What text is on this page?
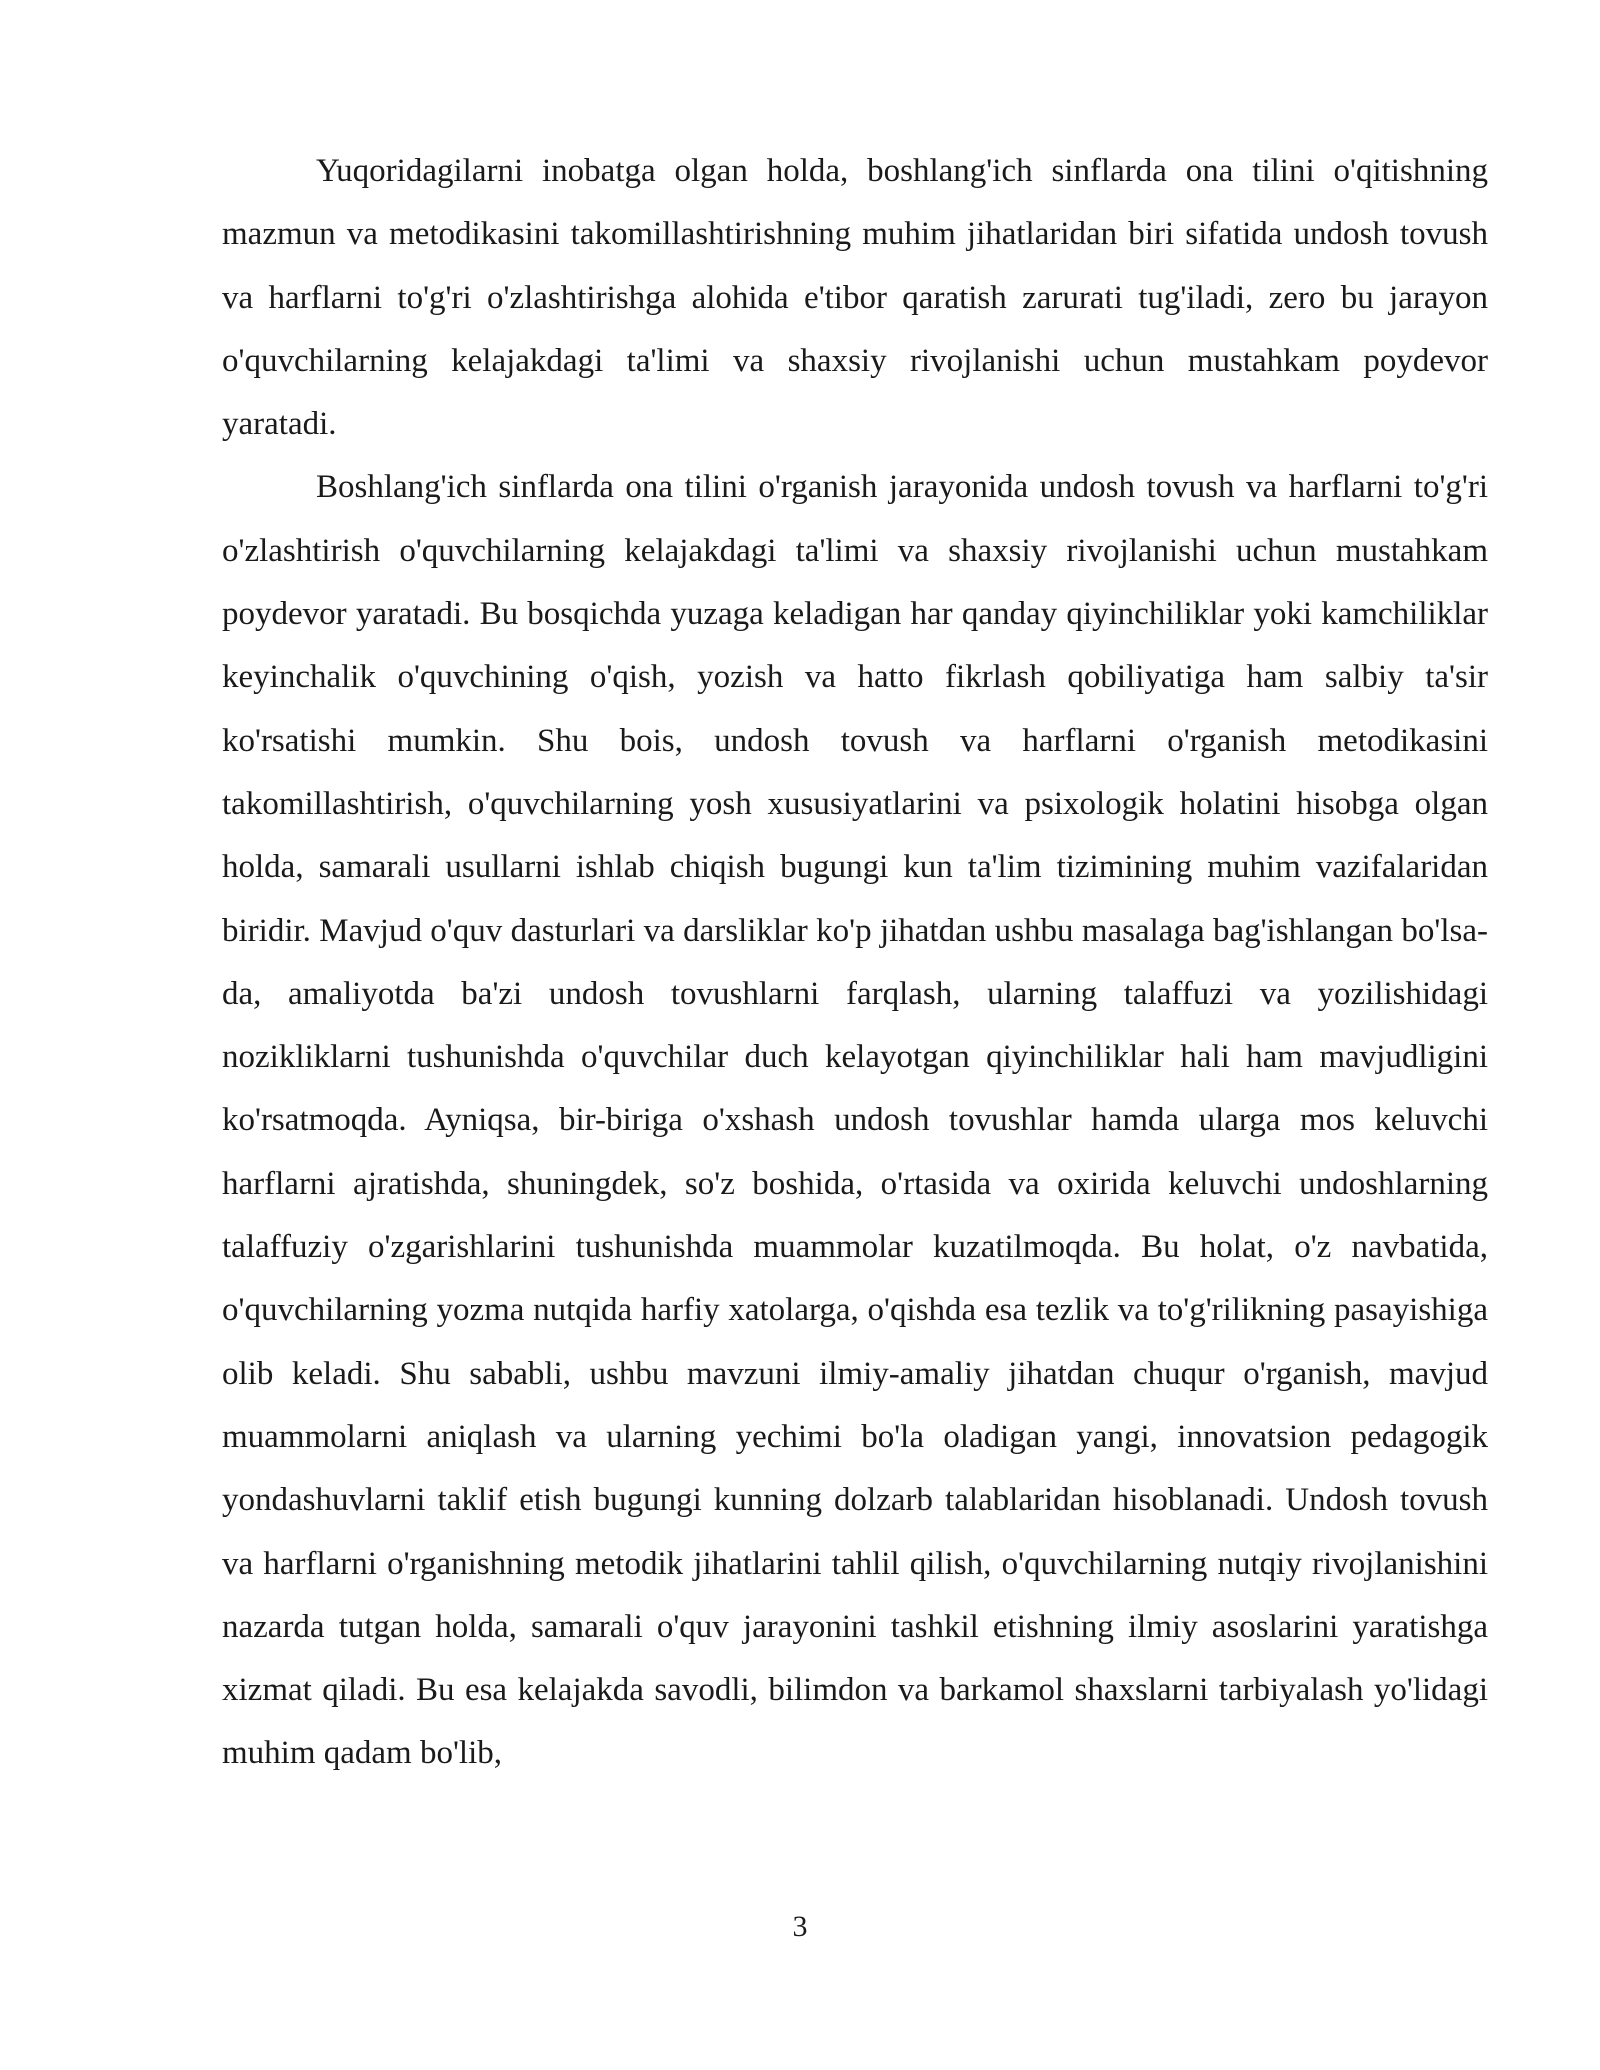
Yuqoridagilarni inobatga olgan holda, boshlang'ich sinflarda ona tilini o'qitishning mazmun va metodikasini takomillashtirishning muhim jihatlaridan biri sifatida undosh tovush va harflarni to'g'ri o'zlashtirishga alohida e'tibor qaratish zarurati tug'iladi, zero bu jarayon o'quvchilarning kelajakdagi ta'limi va shaxsiy rivojlanishi uchun mustahkam poydevor yaratadi.

Boshlang'ich sinflarda ona tilini o'rganish jarayonida undosh tovush va harflarni to'g'ri o'zlashtirish o'quvchilarning kelajakdagi ta'limi va shaxsiy rivojlanishi uchun mustahkam poydevor yaratadi. Bu bosqichda yuzaga keladigan har qanday qiyinchiliklar yoki kamchiliklar keyinchalik o'quvchining o'qish, yozish va hatto fikrlash qobiliyatiga ham salbiy ta'sir ko'rsatishi mumkin. Shu bois, undosh tovush va harflarni o'rganish metodikasini takomillashtirish, o'quvchilarning yosh xususiyatlarini va psixologik holatini hisobga olgan holda, samarali usullarni ishlab chiqish bugungi kun ta'lim tizimining muhim vazifalaridan biridir. Mavjud o'quv dasturlari va darsliklar ko'p jihatdan ushbu masalaga bag'ishlangan bo'lsa-da, amaliyotda ba'zi undosh tovushlarni farqlash, ularning talaffuzi va yozilishidagi nozikliklarni tushunishda o'quvchilar duch kelayotgan qiyinchiliklar hali ham mavjudligini ko'rsatmoqda. Ayniqsa, bir-biriga o'xshash undosh tovushlar hamda ularga mos keluvchi harflarni ajratishda, shuningdek, so'z boshida, o'rtasida va oxirida keluvchi undoshlarning talaffuziy o'zgarishlarini tushunishda muammolar kuzatilmoqda. Bu holat, o'z navbatida, o'quvchilarning yozma nutqida harfiy xatolarga, o'qishda esa tezlik va to'g'rilikning pasayishiga olib keladi. Shu sababli, ushbu mavzuni ilmiy-amaliy jihatdan chuqur o'rganish, mavjud muammolarni aniqlash va ularning yechimi bo'la oladigan yangi, innovatsion pedagogik yondashuvlarni taklif etish bugungi kunning dolzarb talablaridan hisoblanadi. Undosh tovush va harflarni o'rganishning metodik jihatlarini tahlil qilish, o'quvchilarning nutqiy rivojlanishini nazarda tutgan holda, samarali o'quv jarayonini tashkil etishning ilmiy asoslarini yaratishga xizmat qiladi. Bu esa kelajakda savodli, bilimdon va barkamol shaxslarni tarbiyalash yo'lidagi muhim qadam bo'lib,

3
